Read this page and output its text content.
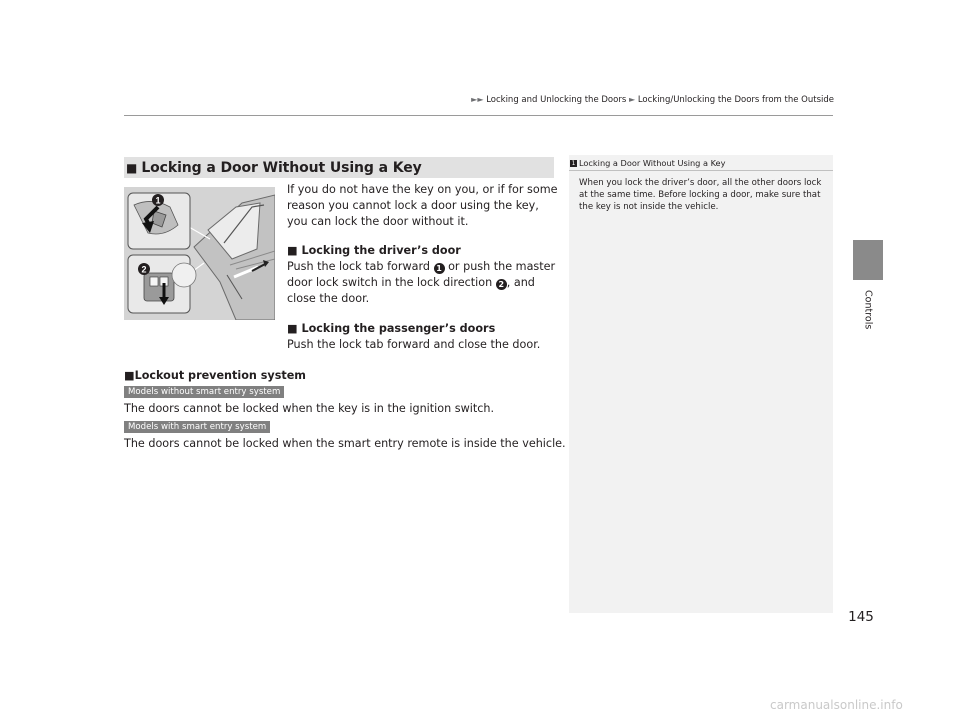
►► Locking and Unlocking the Doors ► Locking/Unlocking the Doors from the Outside
Controls
■ Locking a Door Without Using a Key
1
2
If you do not have the key on you, or if for some reason you cannot lock a door using the key, you can lock the door without it.
■ Locking the driver’s door
Push the lock tab forward 1 or push the master door lock switch in the lock direction 2 , and close the door.
■ Locking the passenger’s doors
Push the lock tab forward and close the door.
■Lockout prevention system
Models without smart entry system
The doors cannot be locked when the key is in the ignition switch.
Models with smart entry system
The doors cannot be locked when the smart entry remote is inside the vehicle.
1 Locking a Door Without Using a Key
When you lock the driver’s door, all the other doors lock at the same time. Before locking a door, make sure that the key is not inside the vehicle.
145
carmanualsonline.info
